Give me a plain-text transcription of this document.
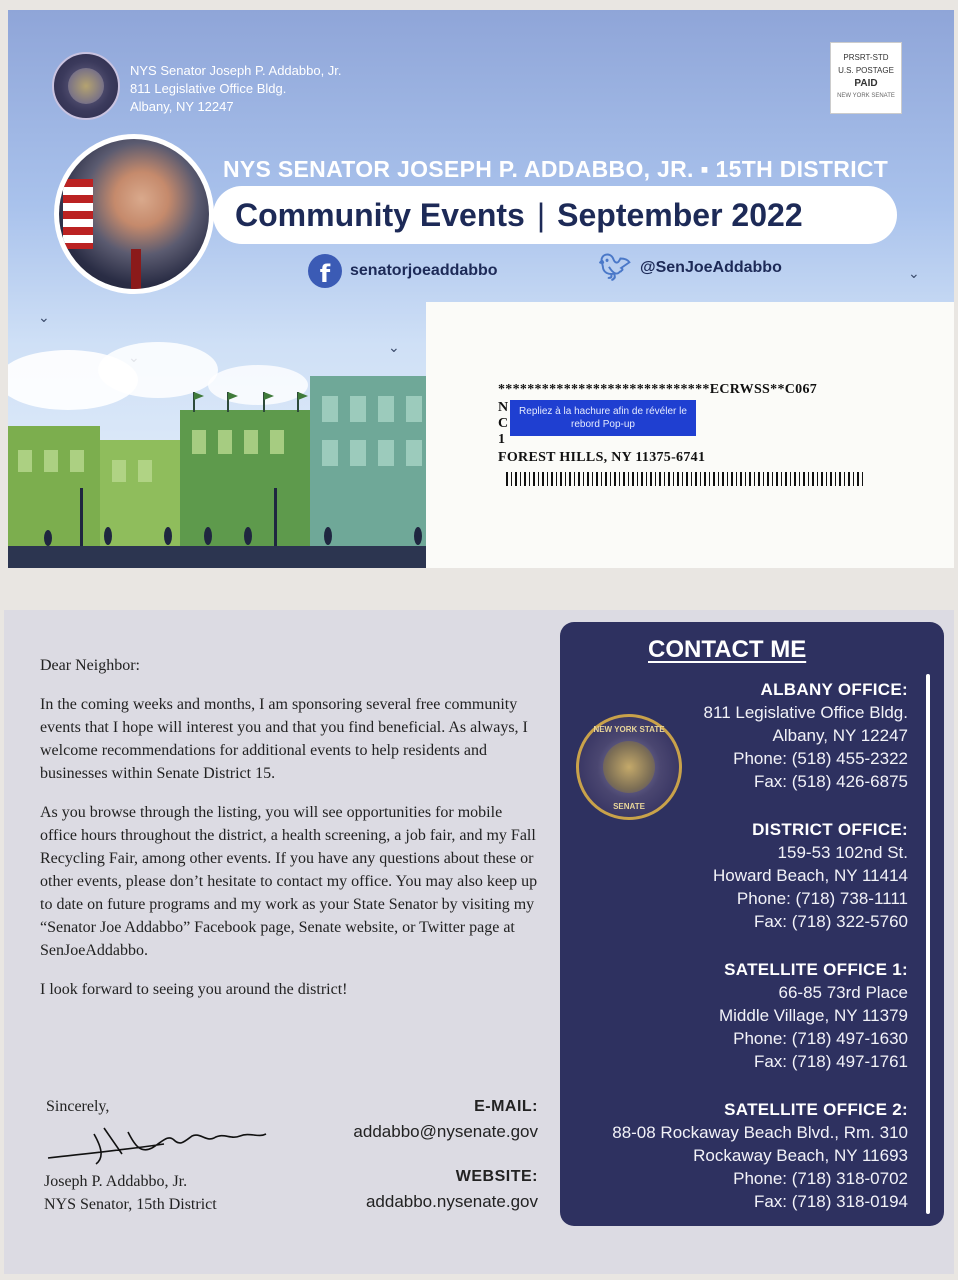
NYS Senator Joseph P. Addabbo, Jr.
811 Legislative Office Bldg.
Albany, NY 12247
PRSRT-STD
U.S. POSTAGE
PAID
NEW YORK SENATE
NYS SENATOR JOSEPH P. ADDABBO, JR. ▪ 15TH DISTRICT
Community Events | September 2022
f	senatorjoeaddabbo	🐦︎ @SenJoeAddabbo
⌄
⌄
⌄
*****************************ECRWSS**C067
N
C
1
Repliez à la hachure afin de révéler le rebord Pop-up
FOREST HILLS, NY 11375-6741
Dear Neighbor:
In the coming weeks and months, I am sponsoring several free community events that I hope will interest you and that you find beneficial. As always, I welcome recommendations for additional events to help residents and businesses within Senate District 15.
As you browse through the listing, you will see opportunities for mobile office hours throughout the district, a health screening, a job fair, and my Fall Recycling Fair, among other events. If you have any questions about these or other events, please don’t hesitate to contact my office. You may also keep up to date on future programs and my work as your State Senator by visiting my “Senator Joe Addabbo” Facebook page, Senate website, or Twitter page at SenJoeAddabbo.
I look forward to seeing you around the district!
Sincerely,
Joseph P. Addabbo, Jr.
NYS Senator, 15th District
E-MAIL:
addabbo@nysenate.gov
WEBSITE:
addabbo.nysenate.gov
CONTACT ME
NEW YORK STATE
SENATE
ALBANY OFFICE:
811 Legislative Office Bldg.
Albany, NY 12247
Phone: (518) 455-2322
Fax: (518) 426-6875
DISTRICT OFFICE:
159-53 102nd St.
Howard Beach, NY 11414
Phone: (718) 738-1111
Fax: (718) 322-5760
SATELLITE OFFICE 1:
66-85 73rd Place
Middle Village, NY 11379
Phone: (718) 497-1630
Fax: (718) 497-1761
SATELLITE OFFICE 2:
88-08 Rockaway Beach Blvd., Rm. 310
Rockaway Beach, NY 11693
Phone: (718) 318-0702
Fax: (718) 318-0194
